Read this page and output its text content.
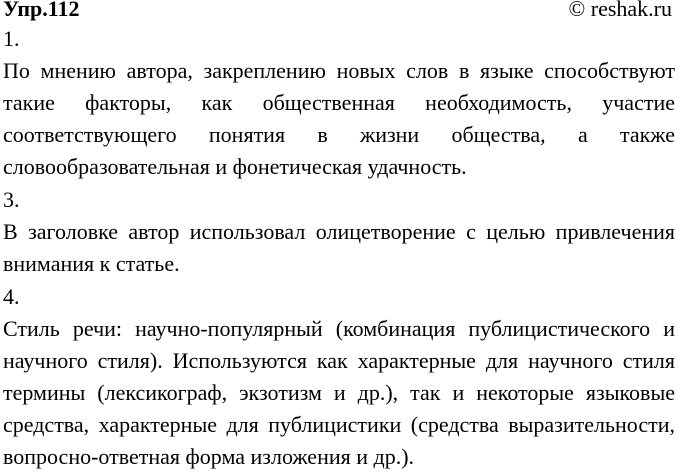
Упр.112	© reshak.ru
1.

По мнению автора, закреплению новых слов в языке способствуют такие факторы, как общественная необходимость, участие соответствующего понятия в жизни общества, а также словообразовательная и фонетическая удачность.

3.

В заголовке автор использовал олицетворение с целью привлечения внимания к статье.

4.

Стиль речи: научно-популярный (комбинация публицистического и научного стиля). Используются как характерные для научного стиля термины (лексикограф, экзотизм и др.), так и некоторые языковые средства, характерные для публицистики (средства выразительности, вопросно-ответная форма изложения и др.).
